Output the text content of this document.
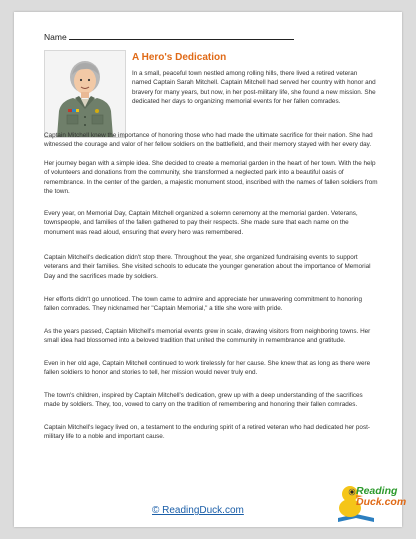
Name
A Hero's Dedication

In a small, peaceful town nestled among rolling hills, there lived a retired veteran named Captain Sarah Mitchell. Captain Mitchell had served her country with honor and bravery for many years, but now, in her post-military life, she found a new mission. She dedicated her days to organizing memorial events for her fallen comrades.

Captain Mitchell knew the importance of honoring those who had made the ultimate sacrifice for their nation. She had witnessed the courage and valor of her fellow soldiers on the battlefield, and their memory stayed with her every day.

Her journey began with a simple idea. She decided to create a memorial garden in the heart of her town. With the help of volunteers and donations from the community, she transformed a neglected park into a beautiful oasis of remembrance. In the center of the garden, a majestic monument stood, inscribed with the names of fallen soldiers from the town.

Every year, on Memorial Day, Captain Mitchell organized a solemn ceremony at the memorial garden. Veterans, townspeople, and families of the fallen gathered to pay their respects. She made sure that each name on the monument was read aloud, ensuring that every hero was remembered.

Captain Mitchell's dedication didn't stop there. Throughout the year, she organized fundraising events to support veterans and their families. She visited schools to educate the younger generation about the importance of Memorial Day and the sacrifices made by soldiers.

Her efforts didn't go unnoticed. The town came to admire and appreciate her unwavering commitment to honoring fallen comrades. They nicknamed her "Captain Memorial," a title she wore with pride.

As the years passed, Captain Mitchell's memorial events grew in scale, drawing visitors from neighboring towns. Her small idea had blossomed into a beloved tradition that united the community in remembrance and gratitude.

Even in her old age, Captain Mitchell continued to work tirelessly for her cause. She knew that as long as there were fallen soldiers to honor and stories to tell, her mission would never truly end.

The town's children, inspired by Captain Mitchell's dedication, grew up with a deep understanding of the sacrifices made by soldiers. They, too, vowed to carry on the tradition of remembering and honoring their fallen comrades.

Captain Mitchell's legacy lived on, a testament to the enduring spirit of a retired veteran who had dedicated her post-military life to a noble and important cause.

© ReadingDuck.com
Reading
Duck.com
